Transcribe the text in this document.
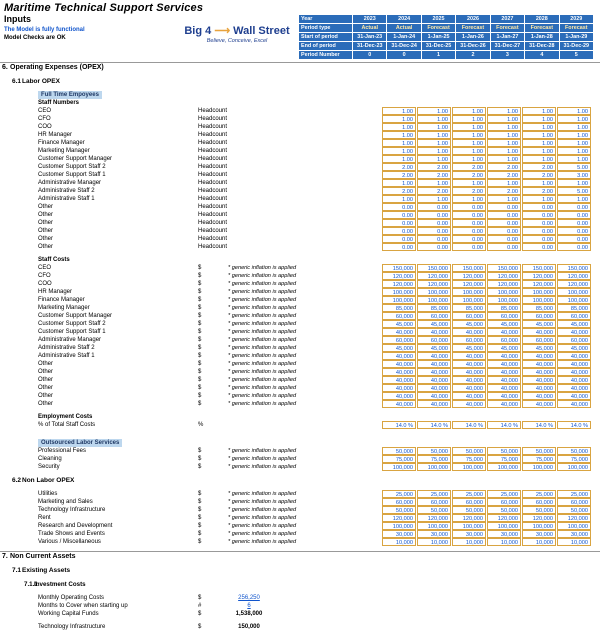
Maritime Technical Support Services
Inputs
The Model is fully functional
Model Checks are OK
Big 4 ⟶ Wall Street
Believe, Conceive, Excel
Year	2023	2024	2025	2026	2027	2028	2029
Period type	Actual	Actual	Forecast	Forecast	Forecast	Forecast	Forecast
Start of period	31-Jan-23	1-Jan-24	1-Jan-25	1-Jan-26	1-Jan-27	1-Jan-28	1-Jan-29
End of period	31-Dec-23	31-Dec-24	31-Dec-25	31-Dec-26	31-Dec-27	31-Dec-28	31-Dec-29
Period Number	0	0	1	2	3	4	5
6. Operating Expenses (OPEX)
6.1 Labor OPEX
Full Time Empoyees
Staff Numbers
CEO	Headcount	1.00	1.00	1.00	1.00	1.00	1.00
CFO	Headcount	1.00	1.00	1.00	1.00	1.00	1.00
COO	Headcount	1.00	1.00	1.00	1.00	1.00	1.00
HR Manager	Headcount	1.00	1.00	1.00	1.00	1.00	1.00
Finance Manager	Headcount	1.00	1.00	1.00	1.00	1.00	1.00
Marketing Manager	Headcount	1.00	1.00	1.00	1.00	1.00	1.00
Customer Support Manager	Headcount	1.00	1.00	1.00	1.00	1.00	1.00
Customer Support Staff 2	Headcount	2.00	2.00	2.00	2.00	2.00	5.00
Customer Support Staff 1	Headcount	2.00	2.00	2.00	2.00	2.00	3.00
Administrative Manager	Headcount	1.00	1.00	1.00	1.00	1.00	1.00
Administrative Staff 2	Headcount	2.00	2.00	2.00	2.00	2.00	5.00
Administrative Staff 1	Headcount	1.00	1.00	1.00	1.00	1.00	1.00
Other	Headcount	0.00	0.00	0.00	0.00	0.00	0.00
Other	Headcount	0.00	0.00	0.00	0.00	0.00	0.00
Other	Headcount	0.00	0.00	0.00	0.00	0.00	0.00
Other	Headcount	0.00	0.00	0.00	0.00	0.00	0.00
Other	Headcount	0.00	0.00	0.00	0.00	0.00	0.00
Other	Headcount	0.00	0.00	0.00	0.00	0.00	0.00
Staff Costs
CEO	$	* generic inflation is applied	150,000	150,000	150,000	150,000	150,000	150,000
CFO	$	* generic inflation is applied	120,000	120,000	120,000	120,000	120,000	120,000
COO	$	* generic inflation is applied	120,000	120,000	120,000	120,000	120,000	120,000
HR Manager	$	* generic inflation is applied	100,000	100,000	100,000	100,000	100,000	100,000
Finance Manager	$	* generic inflation is applied	100,000	100,000	100,000	100,000	100,000	100,000
Marketing Manager	$	* generic inflation is applied	85,000	85,000	85,000	85,000	85,000	85,000
Customer Support Manager	$	* generic inflation is applied	60,000	60,000	60,000	60,000	60,000	60,000
Customer Support Staff 2	$	* generic inflation is applied	45,000	45,000	45,000	45,000	45,000	45,000
Customer Support Staff 1	$	* generic inflation is applied	40,000	40,000	40,000	40,000	40,000	40,000
Administrative Manager	$	* generic inflation is applied	60,000	60,000	60,000	60,000	60,000	60,000
Administrative Staff 2	$	* generic inflation is applied	45,000	45,000	45,000	45,000	45,000	45,000
Administrative Staff 1	$	* generic inflation is applied	40,000	40,000	40,000	40,000	40,000	40,000
Other	$	* generic inflation is applied	40,000	40,000	40,000	40,000	40,000	40,000
Other	$	* generic inflation is applied	40,000	40,000	40,000	40,000	40,000	40,000
Other	$	* generic inflation is applied	40,000	40,000	40,000	40,000	40,000	40,000
Other	$	* generic inflation is applied	40,000	40,000	40,000	40,000	40,000	40,000
Other	$	* generic inflation is applied	40,000	40,000	40,000	40,000	40,000	40,000
Other	$	* generic inflation is applied	40,000	40,000	40,000	40,000	40,000	40,000
Employment Costs
% of Total Staff Costs	%	14.0 %	14.0 %	14.0 %	14.0 %	14.0 %	14.0 %
Outsourced Labor Services
Professional Fees	$	* generic inflation is applied	50,000	50,000	50,000	50,000	50,000	50,000
Cleaning	$	* generic inflation is applied	75,000	75,000	75,000	75,000	75,000	75,000
Security	$	* generic inflation is applied	100,000	100,000	100,000	100,000	100,000	100,000
6.2 Non Labor OPEX
Utilities	$	* generic inflation is applied	25,000	25,000	25,000	25,000	25,000	25,000
Marketing and Sales	$	* generic inflation is applied	60,000	60,000	60,000	60,000	60,000	60,000
Technology Infrastructure	$	* generic inflation is applied	50,000	50,000	50,000	50,000	50,000	50,000
Rent	$	* generic inflation is applied	120,000	120,000	120,000	120,000	120,000	120,000
Research and Development	$	* generic inflation is applied	100,000	100,000	100,000	100,000	100,000	100,000
Trade Shows and Events	$	* generic inflation is applied	30,000	30,000	30,000	30,000	30,000	30,000
Various / Miscellaneous	$	* generic inflation is applied	10,000	10,000	10,000	10,000	10,000	10,000
7. Non Current Assets
7.1 Existing Assets
7.1.1
Investment Costs
Monthly Operating Costs	$	256,250
Months to Cover when starting up	#	6
Working Capital Funds	$	1,538,000
Technology Infrastructure	$	150,000
